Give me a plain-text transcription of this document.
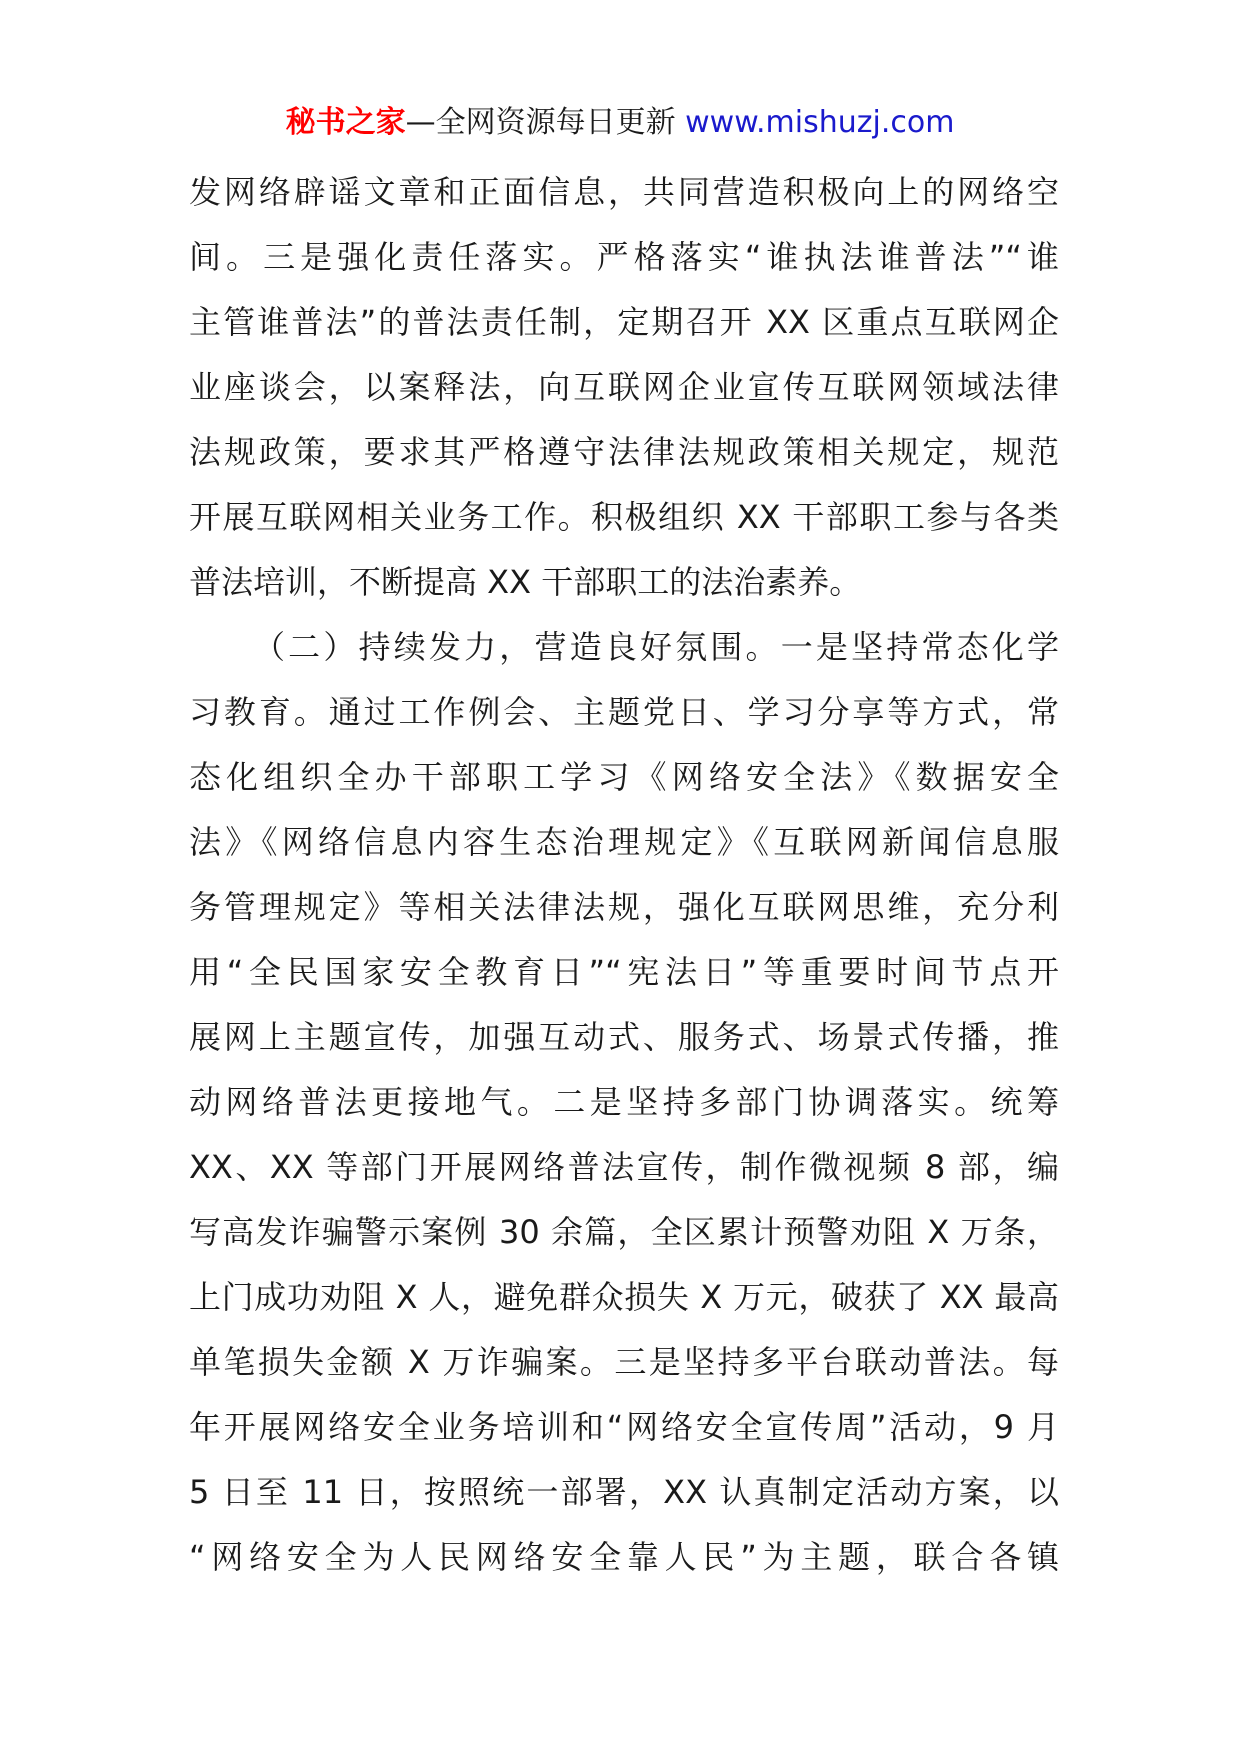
秘书之家—全网资源每日更新 www.mishuzj.com
发网络辟谣文章和正面信息，共同营造积极向上的网络空
间。三是强化责任落实。严格落实“谁执法谁普法”“谁
主管谁普法”的普法责任制，定期召开 XX 区重点互联网企
业座谈会，以案释法，向互联网企业宣传互联网领域法律
法规政策，要求其严格遵守法律法规政策相关规定，规范
开展互联网相关业务工作。积极组织 XX 干部职工参与各类
普法培训，不断提高 XX 干部职工的法治素养。
（二）持续发力，营造良好氛围。一是坚持常态化学
习教育。通过工作例会、主题党日、学习分享等方式，常
态化组织全办干部职工学习《网络安全法》《数据安全
法》《网络信息内容生态治理规定》《互联网新闻信息服
务管理规定》等相关法律法规，强化互联网思维，充分利
用“全民国家安全教育日”“宪法日”等重要时间节点开
展网上主题宣传，加强互动式、服务式、场景式传播，推
动网络普法更接地气。二是坚持多部门协调落实。统筹
XX、XX 等部门开展网络普法宣传，制作微视频 8 部，编
写高发诈骗警示案例 30 余篇，全区累计预警劝阻 X 万条，
上门成功劝阻 X 人，避免群众损失 X 万元，破获了 XX 最高
单笔损失金额 X 万诈骗案。三是坚持多平台联动普法。每
年开展网络安全业务培训和“网络安全宣传周”活动，9 月
5 日至 11 日，按照统一部署，XX 认真制定活动方案，以
“网络安全为人民网络安全靠人民”为主题，联合各镇
